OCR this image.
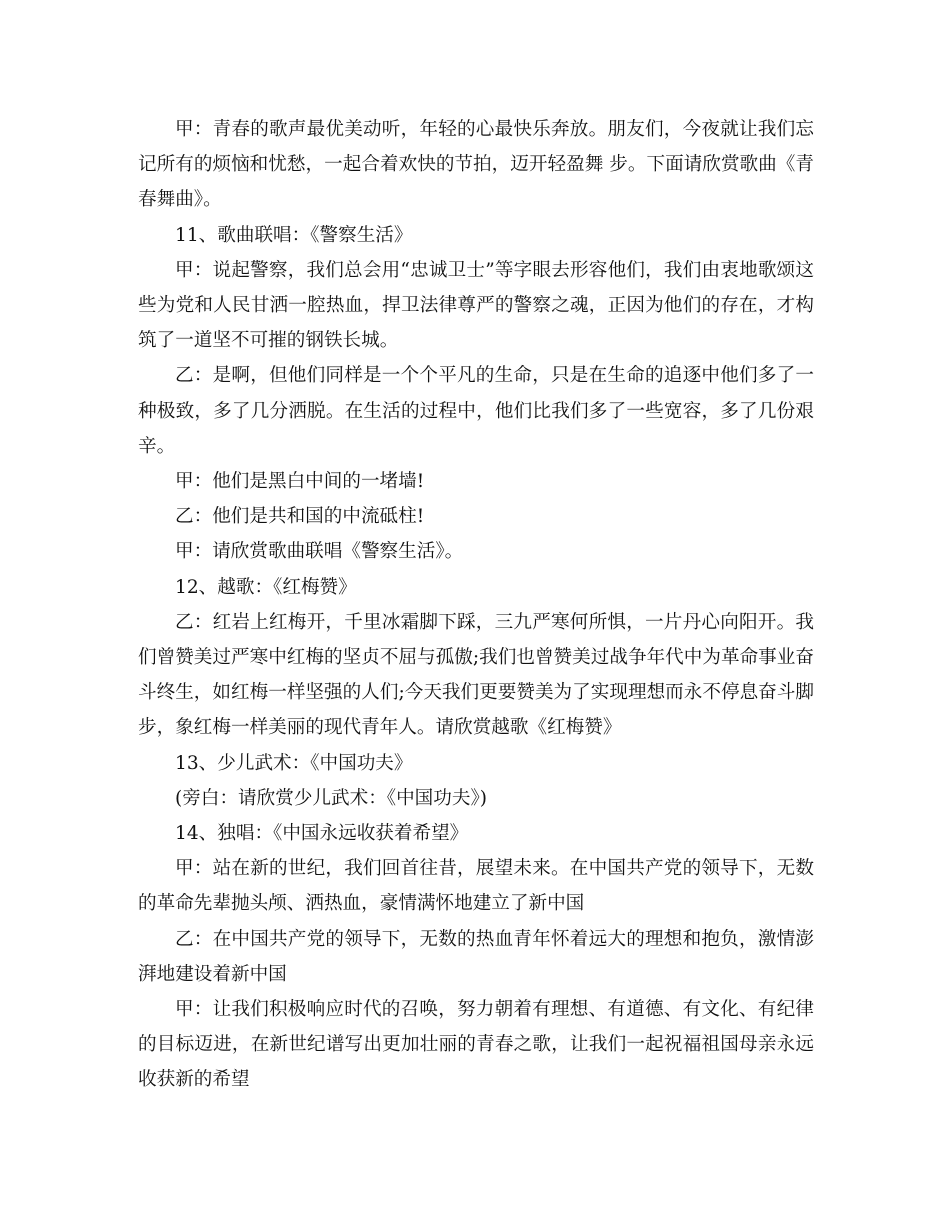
甲：青春的歌声最优美动听，年轻的心最快乐奔放。朋友们，今夜就让我们忘记所有的烦恼和忧愁，一起合着欢快的节拍，迈开轻盈舞 步。下面请欣赏歌曲《青春舞曲》。

11、歌曲联唱：《警察生活》

甲：说起警察，我们总会用“忠诚卫士”等字眼去形容他们，我们由衷地歌颂这些为党和人民甘洒一腔热血，捍卫法律尊严的警察之魂，正因为他们的存在，才构筑了一道坚不可摧的钢铁长城。

乙：是啊，但他们同样是一个个平凡的生命，只是在生命的追逐中他们多了一种极致，多了几分洒脱。在生活的过程中，他们比我们多了一些宽容，多了几份艰辛。

甲：他们是黑白中间的一堵墙!

乙：他们是共和国的中流砥柱!

甲：请欣赏歌曲联唱《警察生活》。

12、越歌：《红梅赞》

乙：红岩上红梅开，千里冰霜脚下踩，三九严寒何所惧，一片丹心向阳开。我们曾赞美过严寒中红梅的坚贞不屈与孤傲;我们也曾赞美过战争年代中为革命事业奋斗终生，如红梅一样坚强的人们;今天我们更要赞美为了实现理想而永不停息奋斗脚步，象红梅一样美丽的现代青年人。请欣赏越歌《红梅赞》

13、少儿武术：《中国功夫》

(旁白：请欣赏少儿武术：《中国功夫》)

14、独唱：《中国永远收获着希望》

甲：站在新的世纪，我们回首往昔，展望未来。在中国共产党的领导下，无数的革命先辈抛头颅、洒热血，豪情满怀地建立了新中国

乙：在中国共产党的领导下，无数的热血青年怀着远大的理想和抱负，激情澎湃地建设着新中国

甲：让我们积极响应时代的召唤，努力朝着有理想、有道德、有文化、有纪律的目标迈进，在新世纪谱写出更加壮丽的青春之歌，让我们一起祝福祖国母亲永远收获新的希望
